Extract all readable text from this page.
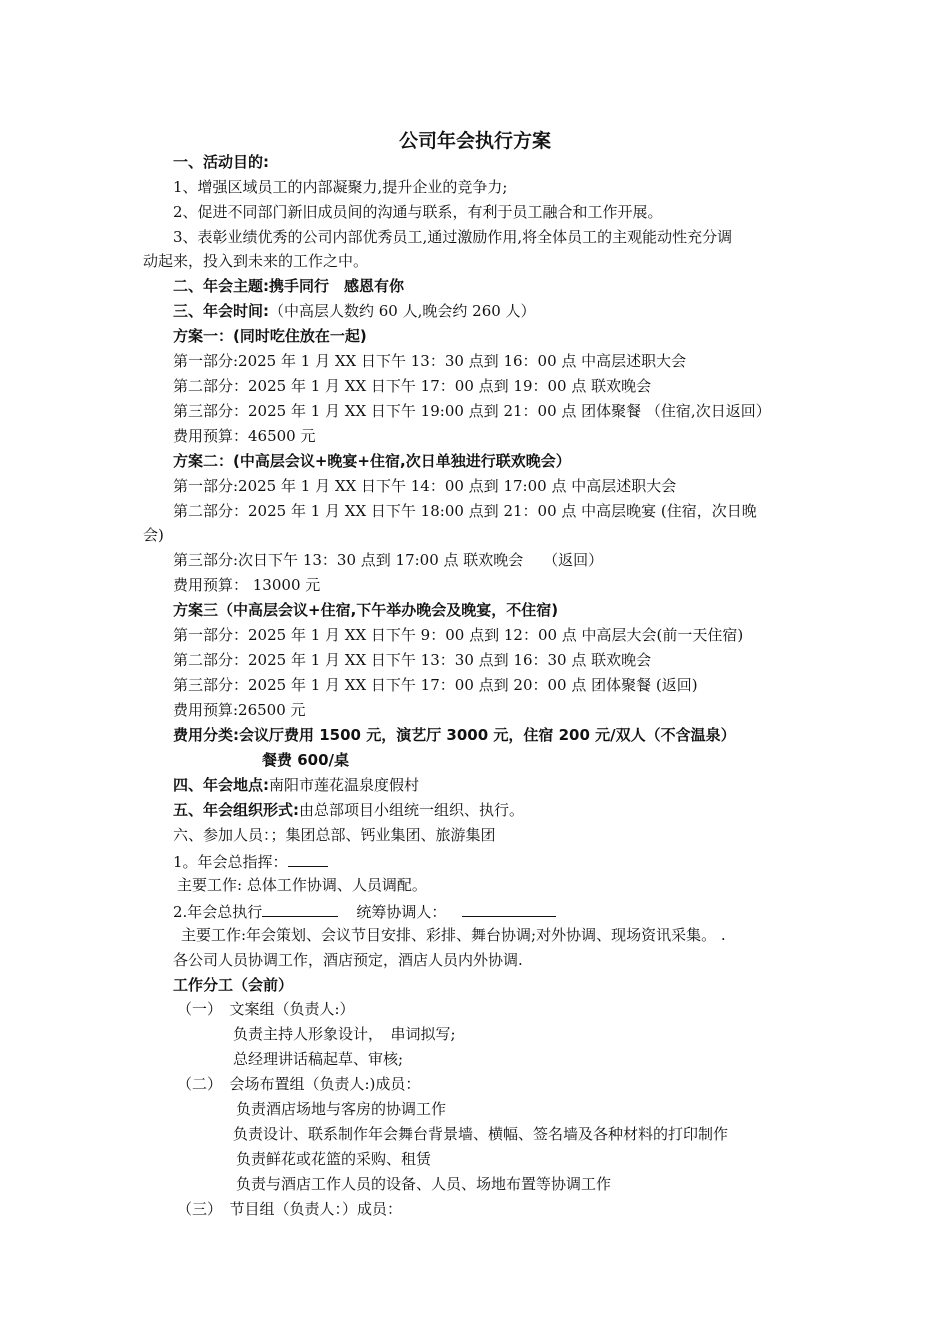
公司年会执行方案
一、活动目的:
1、增强区域员工的内部凝聚力,提升企业的竞争力;
2、促进不同部门新旧成员间的沟通与联系，有利于员工融合和工作开展。
3、表彰业绩优秀的公司内部优秀员工,通过激励作用,将全体员工的主观能动性充分调
动起来，投入到未来的工作之中。
二、年会主题:携手同行　感恩有你
三、年会时间:（中高层人数约 60 人,晚会约 260 人）
方案一：(同时吃住放在一起)
第一部分:2025 年 1 月 XX 日下午 13：30 点到 16：00 点 中高层述职大会
第二部分：2025 年 1 月 XX 日下午 17：00 点到 19：00 点 联欢晚会
第三部分：2025 年 1 月 XX 日下午 19:00 点到 21：00 点 团体聚餐 （住宿,次日返回）
费用预算：46500 元
方案二：(中高层会议+晚宴+住宿,次日单独进行联欢晚会）
第一部分:2025 年 1 月 XX 日下午 14：00 点到 17:00 点 中高层述职大会
第二部分：2025 年 1 月 XX 日下午 18:00 点到 21：00 点 中高层晚宴 (住宿，次日晚
会)
第三部分:次日下午 13：30 点到 17:00 点 联欢晚会　 （返回）
费用预算： 13000 元
方案三（中高层会议+住宿,下午举办晚会及晚宴，不住宿)
第一部分：2025 年 1 月 XX 日下午 9：00 点到 12：00 点 中高层大会(前一天住宿)
第二部分：2025 年 1 月 XX 日下午 13：30 点到 16：30 点 联欢晚会
第三部分：2025 年 1 月 XX 日下午 17：00 点到 20：00 点 团体聚餐 (返回)
费用预算:26500 元
费用分类:会议厅费用 1500 元，演艺厅 3000 元，住宿 200 元/双人（不含温泉）
餐费 600/桌
四、年会地点:南阳市莲花温泉度假村
五、年会组织形式:由总部项目小组统一组织、执行。
六、参加人员：；集团总部、钙业集团、旅游集团
1。年会总指挥：
主要工作: 总体工作协调、人员调配。
2.年会总执行	统筹协调人：
主要工作:年会策划、会议节目安排、彩排、舞台协调;对外协调、现场资讯采集。 .
各公司人员协调工作，酒店预定，酒店人员内外协调.
工作分工（会前）
（一）　文案组（负责人:）
负责主持人形象设计，　串词拟写;
总经理讲话稿起草、审核;
（二）　会场布置组（负责人:)成员：
负责酒店场地与客房的协调工作
负责设计、联系制作年会舞台背景墙、横幅、签名墙及各种材料的打印制作
负责鲜花或花篮的采购、租赁
负责与酒店工作人员的设备、人员、场地布置等协调工作
（三）　节目组（负责人：）成员：
